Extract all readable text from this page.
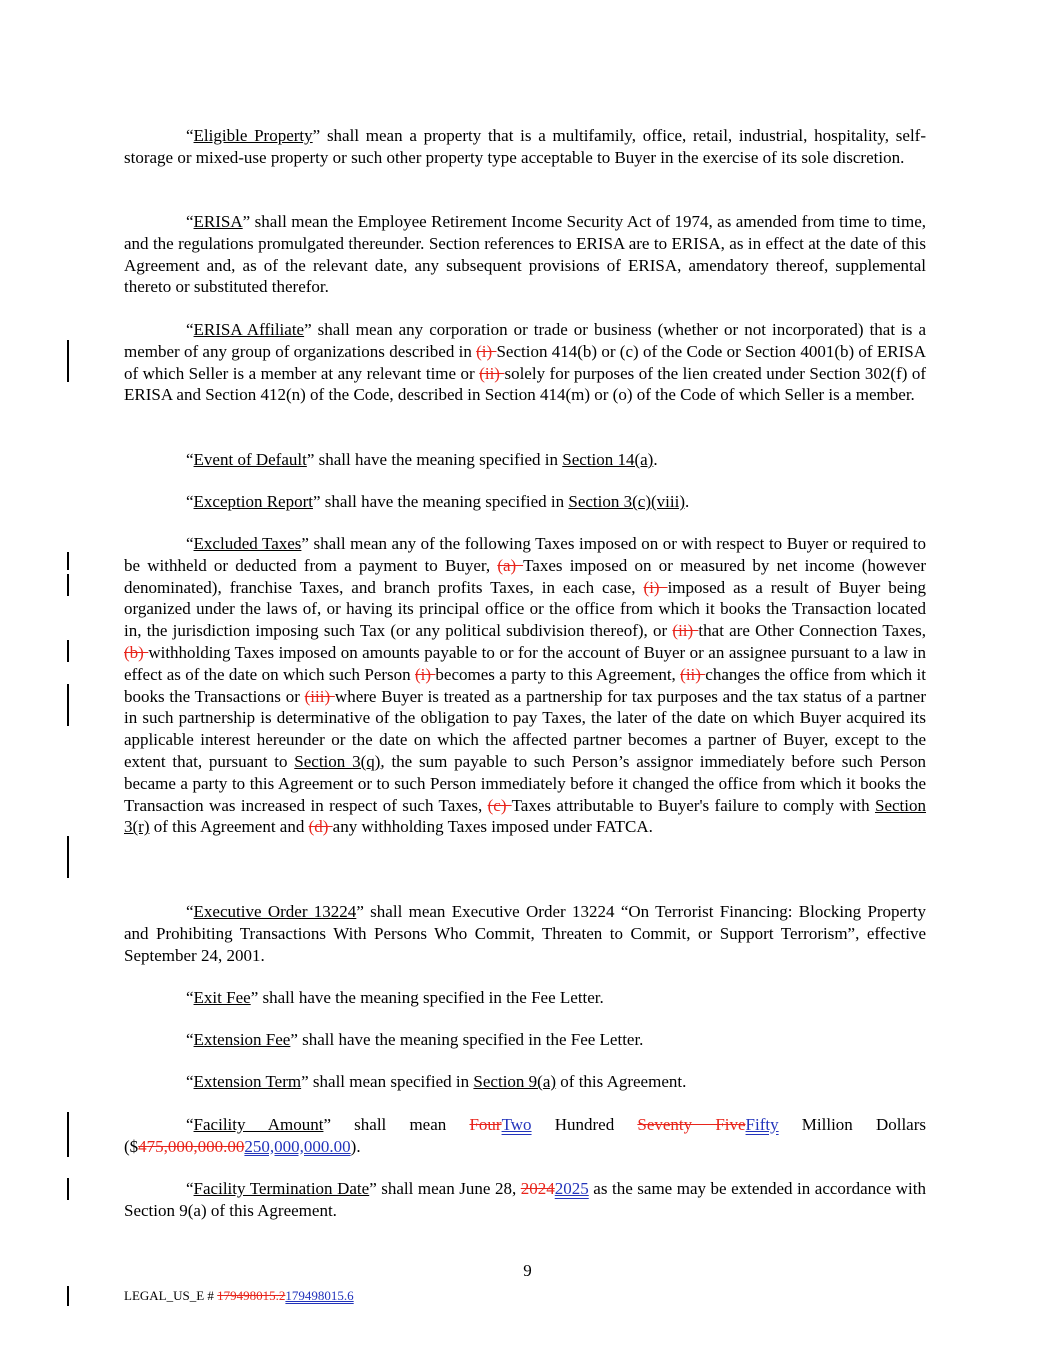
“Eligible Property” shall mean a property that is a multifamily, office, retail, industrial, hospitality, self-storage or mixed-use property or such other property type acceptable to Buyer in the exercise of its sole discretion.

“ERISA” shall mean the Employee Retirement Income Security Act of 1974, as amended from time to time, and the regulations promulgated thereunder. Section references to ERISA are to ERISA, as in effect at the date of this Agreement and, as of the relevant date, any subsequent provisions of ERISA, amendatory thereof, supplemental thereto or substituted therefor.

“ERISA Affiliate” shall mean any corporation or trade or business (whether or not incorporated) that is a member of any group of organizations described in (i) Section 414(b) or (c) of the Code or Section 4001(b) of ERISA of which Seller is a member at any relevant time or (ii) solely for purposes of the lien created under Section 302(f) of ERISA and Section 412(n) of the Code, described in Section 414(m) or (o) of the Code of which Seller is a member.

“Event of Default” shall have the meaning specified in Section 14(a).

“Exception Report” shall have the meaning specified in Section 3(c)(viii).

“Excluded Taxes” shall mean any of the following Taxes imposed on or with respect to Buyer or required to be withheld or deducted from a payment to Buyer, (a) Taxes imposed on or measured by net income (however denominated), franchise Taxes, and branch profits Taxes, in each case, (i) imposed as a result of Buyer being organized under the laws of, or having its principal office or the office from which it books the Transaction located in, the jurisdiction imposing such Tax (or any political subdivision thereof), or (ii) that are Other Connection Taxes, (b) withholding Taxes imposed on amounts payable to or for the account of Buyer or an assignee pursuant to a law in effect as of the date on which such Person (i) becomes a party to this Agreement, (ii) changes the office from which it books the Transactions or (iii) where Buyer is treated as a partnership for tax purposes and the tax status of a partner in such partnership is determinative of the obligation to pay Taxes, the later of the date on which Buyer acquired its applicable interest hereunder or the date on which the affected partner becomes a partner of Buyer, except to the extent that, pursuant to Section 3(q), the sum payable to such Person’s assignor immediately before such Person became a party to this Agreement or to such Person immediately before it changed the office from which it books the Transaction was increased in respect of such Taxes, (c) Taxes attributable to Buyer's failure to comply with Section 3(r) of this Agreement and (d) any withholding Taxes imposed under FATCA.

“Executive Order 13224” shall mean Executive Order 13224 “On Terrorist Financing: Blocking Property and Prohibiting Transactions With Persons Who Commit, Threaten to Commit, or Support Terrorism”, effective September 24, 2001.

“Exit Fee” shall have the meaning specified in the Fee Letter.

“Extension Fee” shall have the meaning specified in the Fee Letter.

“Extension Term” shall mean specified in Section 9(a) of this Agreement.

“Facility Amount” shall mean FourTwo Hundred Seventy FiveFifty Million Dollars ($475,000,000.00250,000,000.00).

“Facility Termination Date” shall mean June 28, 20242025 as the same may be extended in accordance with Section 9(a) of this Agreement.

9
LEGAL_US_E # 179498015.2179498015.6
